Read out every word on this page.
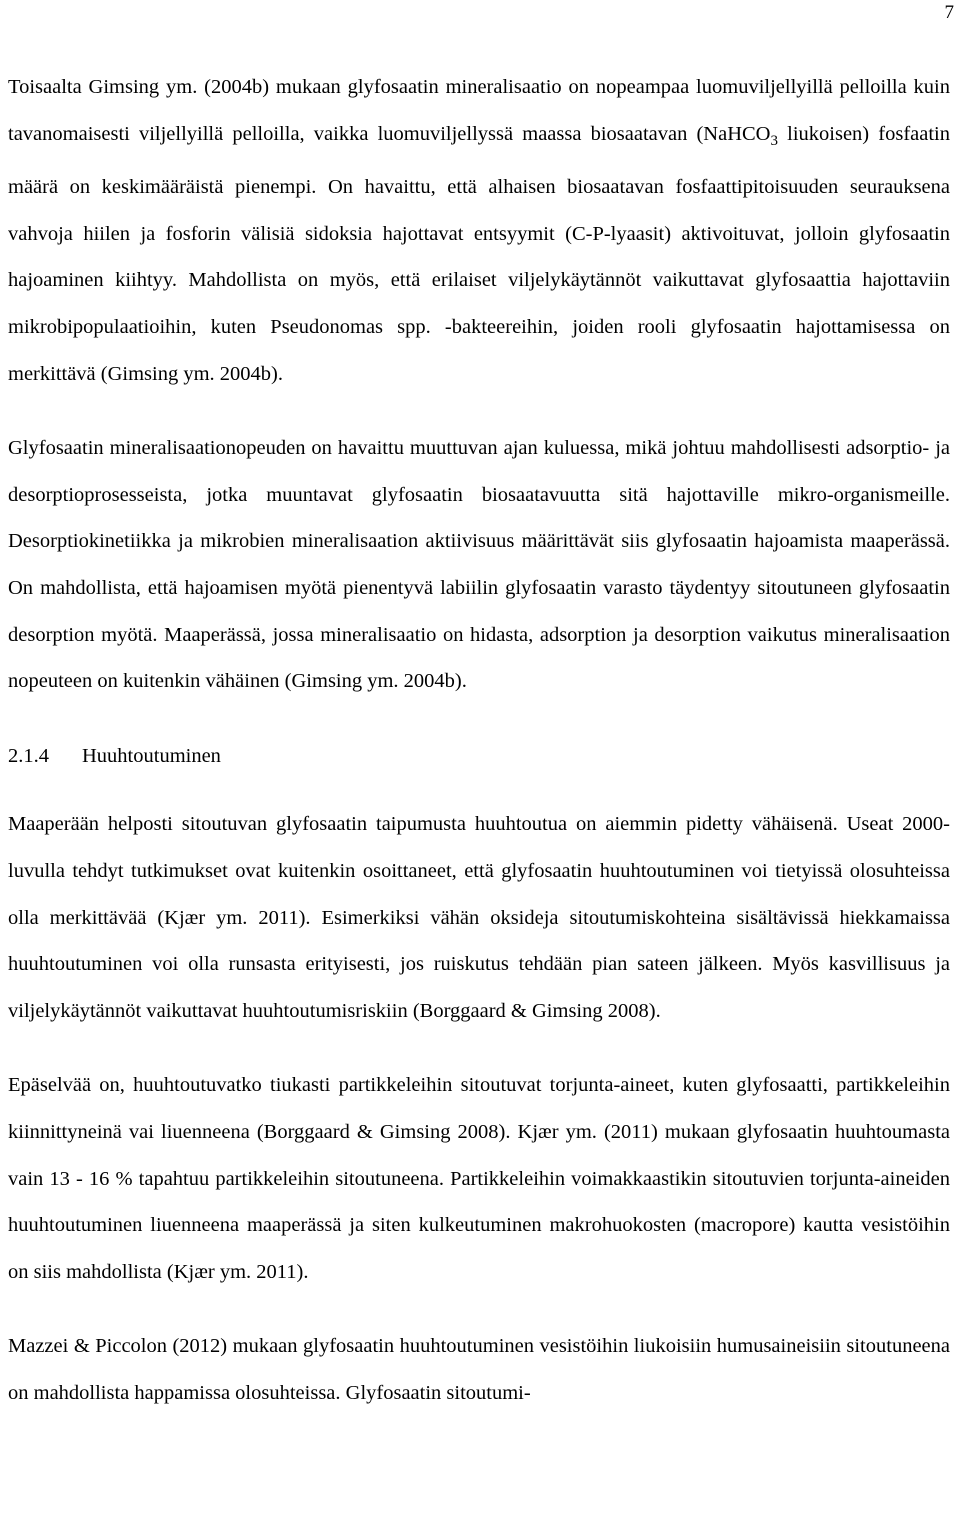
7

Toisaalta Gimsing ym. (2004b) mukaan glyfosaatin mineralisaatio on nopeampaa luomuviljellyillä pelloilla kuin tavanomaisesti viljellyillä pelloilla, vaikka luomuviljellyssä maassa biosaatavan (NaHCO$_3$ liukoisen) fosfaatin määrä on keskimääräistä pienempi. On havaittu, että alhaisen biosaatavan fosfaattipitoisuuden seurauksena vahvoja hiilen ja fosforin välisiä sidoksia hajottavat entsyymit (C-P-lyaasit) aktivoituvat, jolloin glyfosaatin hajoaminen kiihtyy. Mahdollista on myös, että erilaiset viljelykäytännöt vaikuttavat glyfosaattia hajottaviin mikrobipopulaatioihin, kuten Pseudonomas spp. -bakteereihin, joiden rooli glyfosaatin hajottamisessa on merkittävä (Gimsing ym. 2004b).

Glyfosaatin mineralisaationopeuden on havaittu muuttuvan ajan kuluessa, mikä johtuu mahdollisesti adsorptio- ja desorptioprosesseista, jotka muuntavat glyfosaatin biosaatavuutta sitä hajottaville mikro-organismeille. Desorptiokinetiikka ja mikrobien mineralisaation aktiivisuus määrittävät siis glyfosaatin hajoamista maaperässä. On mahdollista, että hajoamisen myötä pienentyvä labiilin glyfosaatin varasto täydentyy sitoutuneen glyfosaatin desorption myötä. Maaperässä, jossa mineralisaatio on hidasta, adsorption ja desorption vaikutus mineralisaation nopeuteen on kuitenkin vähäinen (Gimsing ym. 2004b).

2.1.4 Huuhtoutuminen

Maaperään helposti sitoutuvan glyfosaatin taipumusta huuhtoutua on aiemmin pidetty vähäisenä. Useat 2000-luvulla tehdyt tutkimukset ovat kuitenkin osoittaneet, että glyfosaatin huuhtoutuminen voi tietyissä olosuhteissa olla merkittävää (Kjær ym. 2011). Esimerkiksi vähän oksideja sitoutumiskohteina sisältävissä hiekkamaissa huuhtoutuminen voi olla runsasta erityisesti, jos ruiskutus tehdään pian sateen jälkeen. Myös kasvillisuus ja viljelykäytännöt vaikuttavat huuhtoutumisriskiin (Borggaard & Gimsing 2008).

Epäselvää on, huuhtoutuvatko tiukasti partikkeleihin sitoutuvat torjunta-aineet, kuten glyfosaatti, partikkeleihin kiinnittyneinä vai liuenneena (Borggaard & Gimsing 2008). Kjær ym. (2011) mukaan glyfosaatin huuhtoumasta vain 13 - 16 % tapahtuu partikkeleihin sitoutuneena. Partikkeleihin voimakkaastikin sitoutuvien torjunta-aineiden huuhtoutuminen liuenneena maaperässä ja siten kulkeutuminen makrohuokosten (macropore) kautta vesistöihin on siis mahdollista (Kjær ym. 2011).

Mazzei & Piccolon (2012) mukaan glyfosaatin huuhtoutuminen vesistöihin liukoisiin humusaineisiin sitoutuneena on mahdollista happamissa olosuhteissa. Glyfosaatin sitoutumi-
